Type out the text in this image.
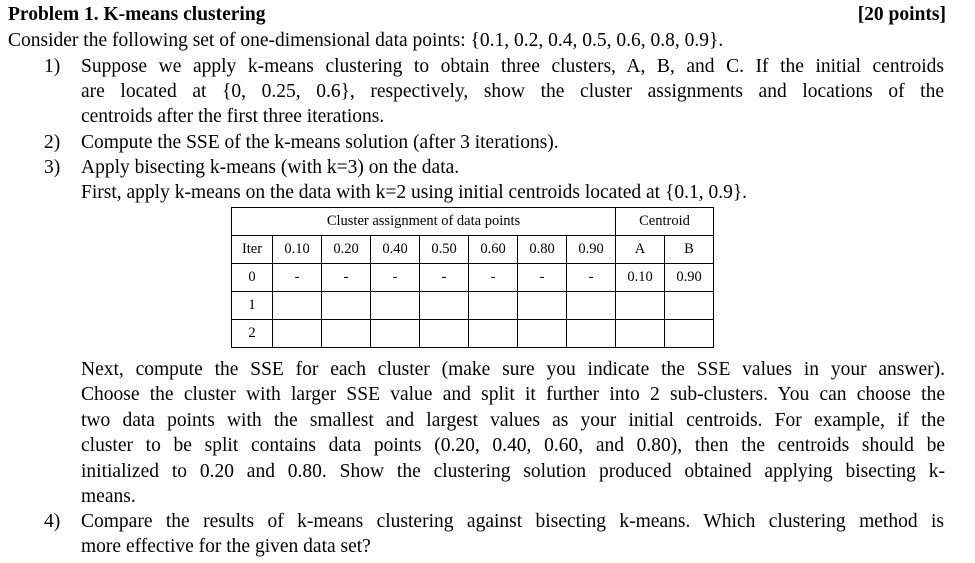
Problem 1. K-means clustering	[20 points]
Consider the following set of one-dimensional data points: {0.1, 0.2, 0.4, 0.5, 0.6, 0.8, 0.9}.
1) Suppose we apply k-means clustering to obtain three clusters, A, B, and C. If the initial centroids
are located at {0, 0.25, 0.6}, respectively, show the cluster assignments and locations of the
centroids after the first three iterations.
2) Compute the SSE of the k-means solution (after 3 iterations).
3) Apply bisecting k-means (with k=3) on the data.
First, apply k-means on the data with k=2 using initial centroids located at {0.1, 0.9}.
Cluster assignment of data points								Centroid	
Iter	0.10	0.20	0.40	0.50	0.60	0.80	0.90	A	B
0	-	-	-	-	-	-	-	0.10	0.90
1									
2									
Next, compute the SSE for each cluster (make sure you indicate the SSE values in your answer).
Choose the cluster with larger SSE value and split it further into 2 sub-clusters. You can choose the
two data points with the smallest and largest values as your initial centroids. For example, if the
cluster to be split contains data points (0.20, 0.40, 0.60, and 0.80), then the centroids should be
initialized to 0.20 and 0.80. Show the clustering solution produced obtained applying bisecting k-
means.
4) Compare the results of k-means clustering against bisecting k-means. Which clustering method is
more effective for the given data set?
